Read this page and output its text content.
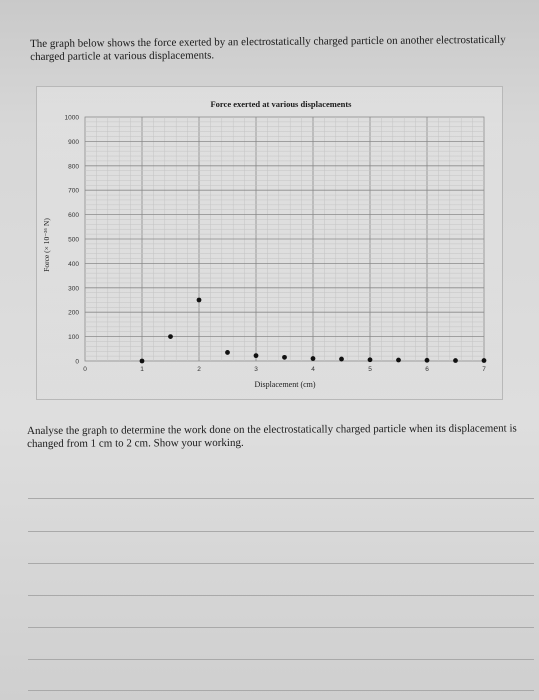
The graph below shows the force exerted by an electrostatically charged particle on another electrostatically charged particle at various displacements.
Force exerted at various displacements
Force (× 10⁻³⁶ N)
Displacement (cm)
0
100
200
300
400
500
600
700
800
900
1000
0	1	2	3	4	5	6	7
Analyse the graph to determine the work done on the electrostatically charged particle when its displacement is changed from 1 cm to 2 cm. Show your working.
